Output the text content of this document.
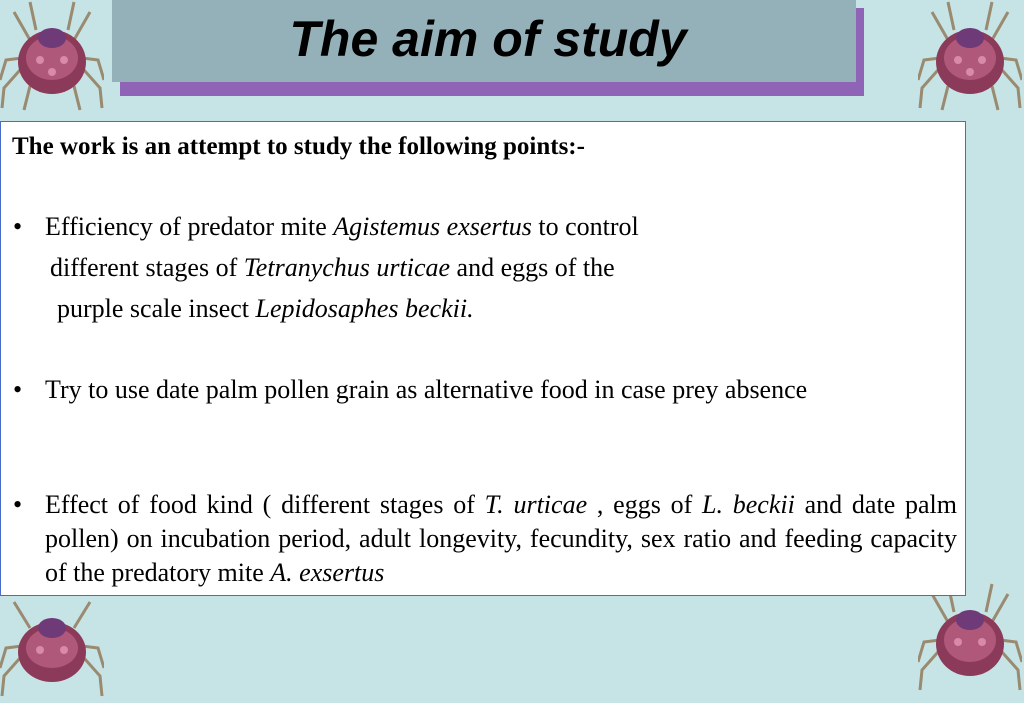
The aim of study
The work is an attempt to study the following points:-
• Efficiency of predator mite Agistemus exsertus to control
different stages of Tetranychus urticae and eggs of the
purple scale insect Lepidosaphes beckii.
• Try to use date palm pollen grain as alternative food in case prey absence
• Effect of food kind ( different stages of T. urticae , eggs of L. beckii and date palm pollen) on incubation period, adult longevity, fecundity, sex ratio and feeding capacity of the predatory mite A. exsertus
